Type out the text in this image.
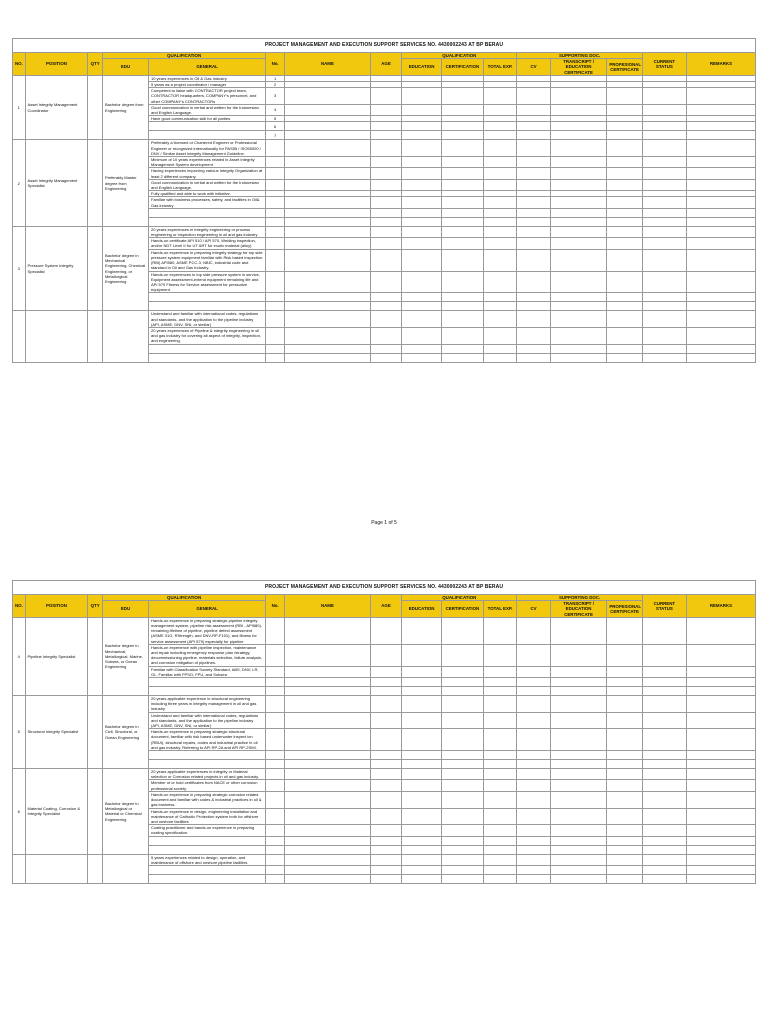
PROJECT MANAGEMENT AND EXECUTION SUPPORT SERVICES NO. 4430002243 AT BP BERAU
NO.	POSITION	QTY	QUALIFICATION		No.	NAME	AGE	QUALIFICATION			SUPPORTING DOC.			CURRENT STATUS	REMARKS
			EDU	GENERAL				EDUCATION	CERTIFICATION	TOTAL EXP.	CV	TRANSCRIPT / EDUCATION CERTIFICATE	PROFESIONAL CERTIFICATE		
1	Asset Integrity Management Coordinator		Bachelor degree from Engineering	10 years experiences in Oil & Gas Industry	1										
				5 years as a project coordinator / manager	2										
				Competent to liaise with CONTRACTOR project team, CONTRACTOR headquarters, COMPANY's personnel, and other COMPANY's CONTRACTORs	3										
				Good communication in verbal and written for the Indonesian and English Language.	4										
				Have good communication skill for all parties	5										
					6										
					7										
2	Asset Integrity Management Specialist		Preferably Master degree from Engineering	Preferably a licensed or Chartered Engineer or Professional Engineer or recognized internationally for PAS55 / ISO55000 / DNV / Similar Asset Integrity Management Guideline.											
				Minimum of 10 years experiences related in Asset Integrity Management System development											
				Having experiences improving various Integrity Organization at least 2 different company.											
				Good communication in verbal and written for the Indonesian and English Language.											
				Fully qualified and able to work with initiative.											
				Familiar with business processes, safety, and facilities in Oil& Gas industry											

3	Pressure System Integrity Specialist		Bachelor degree in Mechanical Engineering, Chemical Engineering, or Metallurgical Engineering	20 years experiences in integrity engineering or process engineering or inspection engineering in oil and gas industry											
				Hands-on certificate API 510 / API 570, Welding inspection, and/or NDT Level II for UT &RT for exotic material (alloy)											
				Hands-on experience in preparing integrity strategy for top side pressure system equipment familiar with Risk based inspection (RBI) API580, ASME PCC-3, NBIC, industrial code and standard in Oil and Gas Industry.											
				Hands-on experiences in top side pressure system in service, Equipment assessment-extend equipment remaining life and API 579 Fitness for Service assessment for pressurize equipment.											

				Understand and familiar with international codes, regulations and standards, and the application to the pipeline industry (API, ASME, DNV, SNI, or similar)											
				20 years experiences of Pipeline & integrity engineering in oil and gas industry for covering all aspect of integrity, inspection, and engineering.											

Page 1 of 5
PROJECT MANAGEMENT AND EXECUTION SUPPORT SERVICES NO. 4430002243 AT BP BERAU
NO.	POSITION	QTY	QUALIFICATION		No.	NAME	AGE	QUALIFICATION			SUPPORTING DOC.			CURRENT STATUS	REMARKS
			EDU	GENERAL				EDUCATION	CERTIFICATION	TOTAL EXP.	CV	TRANSCRIPT / EDUCATION CERTIFICATE	PROFESIONAL CERTIFICATE		
4	Pipeline Integrity Specialist		Bachelor degree in Mechanical, Metallurgical, Marine, Subsea, or Ocean Engineering	Hands-on experience in preparing strategic pipeline integrity management system, pipeline risk assessment (RBI - API580), remaining lifetime of pipeline, pipeline defect assessment (ASME 31G, RStrength, and DNV-RP-F101), and fitness for service assessment (API 579) especially for pipeline											
				Hands-on experience with pipeline inspection, maintenance and repair including emergency response plan /strategy, decommissioning pipeline, materials selection, failure analysis, and corrosion mitigation of pipelines.											
				Familiar with Classification Society Standard, ABS, DNV, LR, GL. Familiar with FPSO, FPU, and Subsea											

5	Structural Integrity Specialist		Bachelor degree in Civil, Structural, or Ocean Engineering	20 years applicable experience in structural engineering including three years in integrity management in oil and gas industry											
				Understand and familiar with international codes, regulations and standards, and the application to the pipeline industry (API, ASME, DNV, SNI, or similar)											
				Hands-on experience in preparing strategic structural document, familiar with risk based underwater inspect ion (RBUI), structural repairs, codes and industrial practice in oil and gas industry. Referring to API RP-2A and API RP-2SIM.											

6	Material Coating, Corrosion & Integrity Specialist		Bachelor degree in Metallurgical or Material or Chemical Engineering	20 years applicable experiences in integrity or Material selection or Corrosion related projects in oil and gas industry.											
				Member of or hold certificates from NACE or other corrosion professional society.											
				Hands-on experience in preparing strategic corrosion related document and familiar with codes & industrial practices in oil & gas business.											
				Hands-on experience in design, engineering installation and maintenance of Cathodic Protection system both for offshore and onshore facilities											
				Coating practitioner and hands-on experience in preparing coating specification.											

				5 years experiences related to design, operation, and maintenance of offshore and onshore pipeline facilities											
